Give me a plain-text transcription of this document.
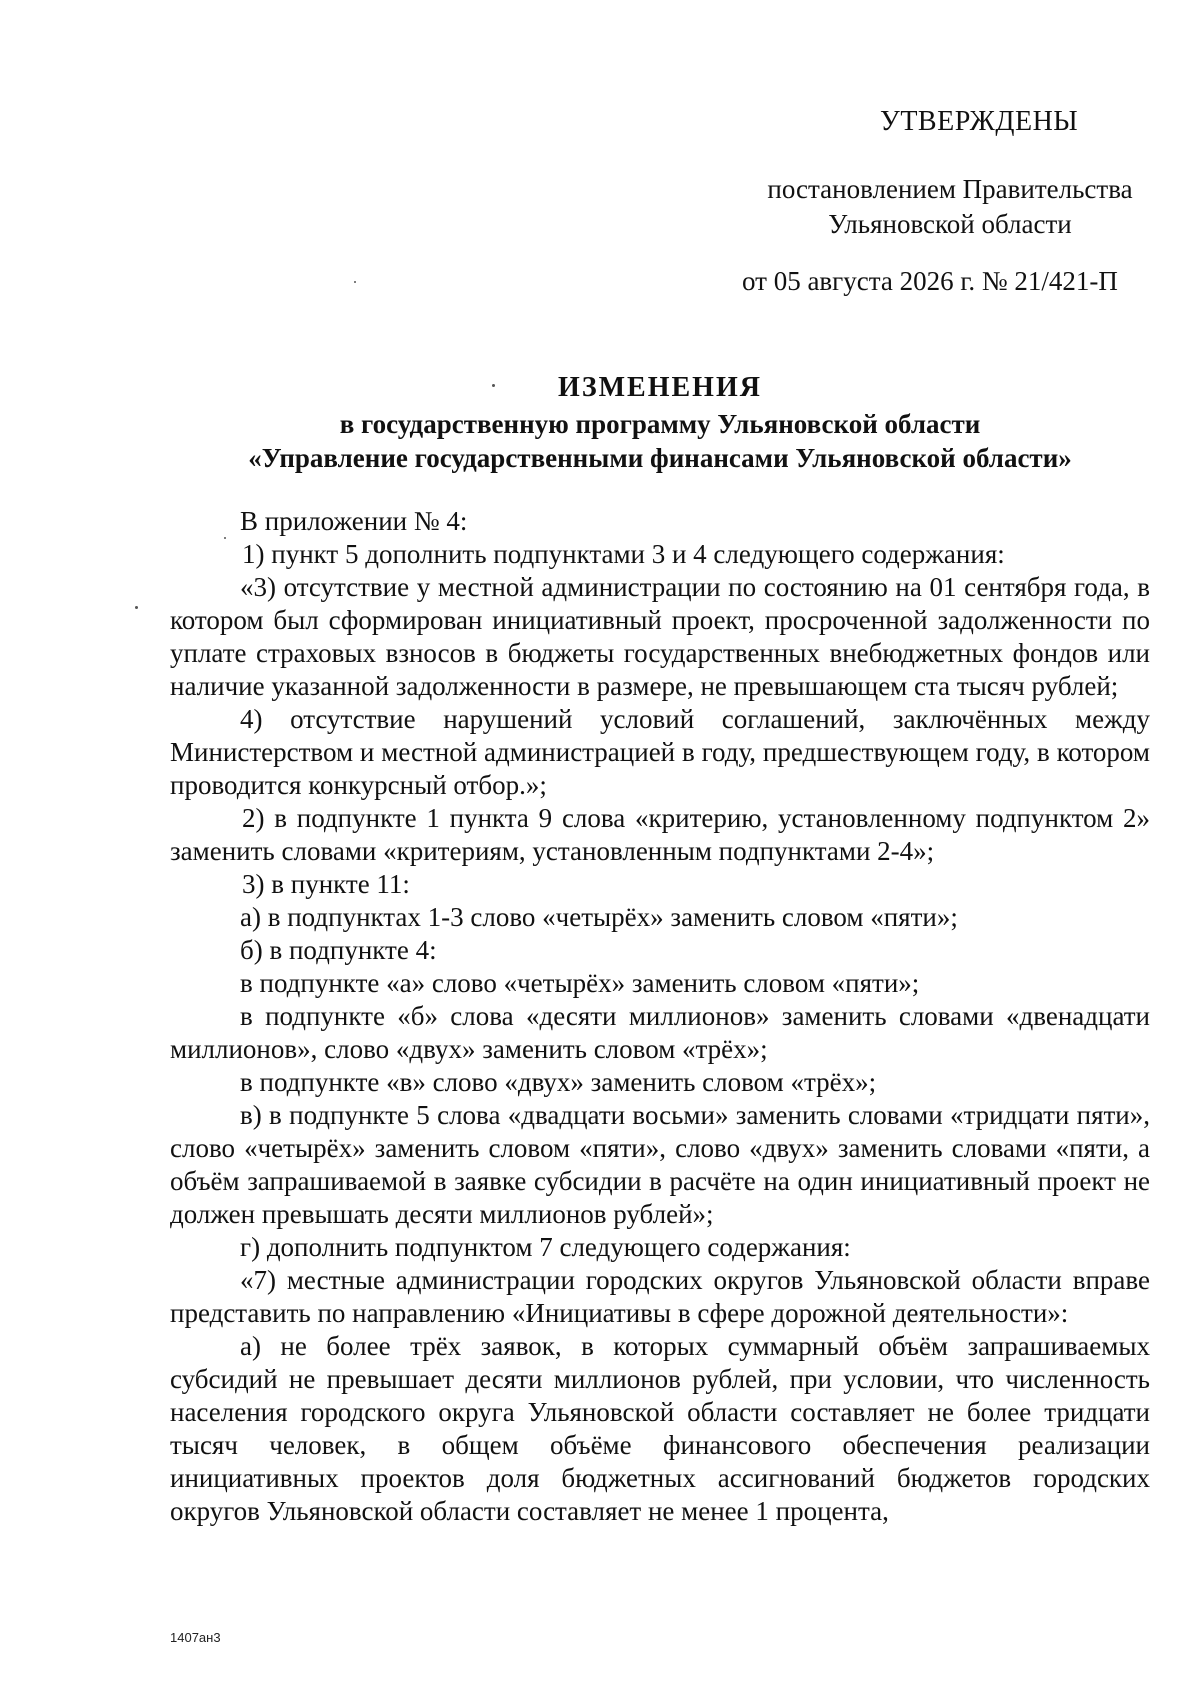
УТВЕРЖДЕНЫ
постановлением Правительства
Ульяновской области
от 05 августа 2026 г. № 21/421-П
ИЗМЕНЕНИЯ
в государственную программу Ульяновской области
«Управление государственными финансами Ульяновской области»

В приложении № 4:

1) пункт 5 дополнить подпунктами 3 и 4 следующего содержания:

«3) отсутствие у местной администрации по состоянию на 01 сентября года, в котором был сформирован инициативный проект, просроченной задолженности по уплате страховых взносов в бюджеты государственных внебюджетных фондов или наличие указанной задолженности в размере, не превышающем ста тысяч рублей;

4) отсутствие нарушений условий соглашений, заключённых между Министерством и местной администрацией в году, предшествующем году, в котором проводится конкурсный отбор.»;

2) в подпункте 1 пункта 9 слова «критерию, установленному подпунктом 2» заменить словами «критериям, установленным подпунктами 2-4»;

3) в пункте 11:

а) в подпунктах 1-3 слово «четырёх» заменить словом «пяти»;

б) в подпункте 4:

в подпункте «а» слово «четырёх» заменить словом «пяти»;

в подпункте «б» слова «десяти миллионов» заменить словами «двенадцати миллионов», слово «двух» заменить словом «трёх»;

в подпункте «в» слово «двух» заменить словом «трёх»;

в) в подпункте 5 слова «двадцати восьми» заменить словами «тридцати пяти», слово «четырёх» заменить словом «пяти», слово «двух» заменить словами «пяти, а объём запрашиваемой в заявке субсидии в расчёте на один инициативный проект не должен превышать десяти миллионов рублей»;

г) дополнить подпунктом 7 следующего содержания:

«7) местные администрации городских округов Ульяновской области вправе представить по направлению «Инициативы в сфере дорожной деятельности»:

а) не более трёх заявок, в которых суммарный объём запрашиваемых субсидий не превышает десяти миллионов рублей, при условии, что численность населения городского округа Ульяновской области составляет не более тридцати тысяч человек, в общем объёме финансового обеспечения реализации инициативных проектов доля бюджетных ассигнований бюджетов городских округов Ульяновской области составляет не менее 1 процента,

1407ан3
